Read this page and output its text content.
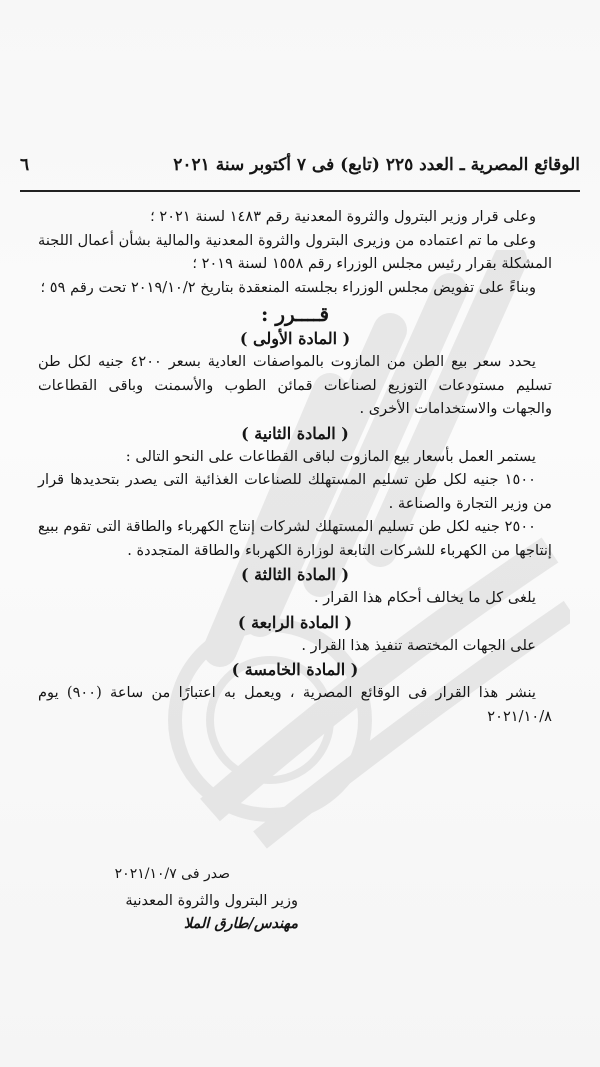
الوقائع المصرية ـ العدد ٢٢٥ (تابع) فى ٧ أكتوبر سنة ٢٠٢١
٦

وعلى قرار وزير البترول والثروة المعدنية رقم ١٤٨٣ لسنة ٢٠٢١ ؛

وعلى ما تم اعتماده من وزيرى البترول والثروة المعدنية والمالية بشأن أعمال اللجنة المشكلة بقرار رئيس مجلس الوزراء رقم ١٥٥٨ لسنة ٢٠١٩ ؛

وبناءً على تفويض مجلس الوزراء بجلسته المنعقدة بتاريخ ٢٠١٩/١٠/٢ تحت رقم ٥٩ ؛

قــــرر :
( المادة الأولى )

يحدد سعر بيع الطن من المازوت بالمواصفات العادية بسعر ٤٢٠٠ جنيه لكل طن تسليم مستودعات التوزيع لصناعات قمائن الطوب والأسمنت وباقى القطاعات والجهات والاستخدامات الأخرى .

( المادة الثانية )

يستمر العمل بأسعار بيع المازوت لباقى القطاعات على النحو التالى :

١٥٠٠ جنيه لكل طن تسليم المستهلك للصناعات الغذائية التى يصدر بتحديدها قرار من وزير التجارة والصناعة .

٢٥٠٠ جنيه لكل طن تسليم المستهلك لشركات إنتاج الكهرباء والطاقة التى تقوم ببيع إنتاجها من الكهرباء للشركات التابعة لوزارة الكهرباء والطاقة المتجددة .

( المادة الثالثة )

يلغى كل ما يخالف أحكام هذا القرار .

( المادة الرابعة )

على الجهات المختصة تنفيذ هذا القرار .

( المادة الخامسة )

ينشر هذا القرار فى الوقائع المصرية ، ويعمل به اعتبارًا من ساعة (٩٠٠) يوم ٢٠٢١/١٠/٨

صدر فى ٢٠٢١/١٠/٧
وزير البترول والثروة المعدنية
مهندس/طارق الملا
